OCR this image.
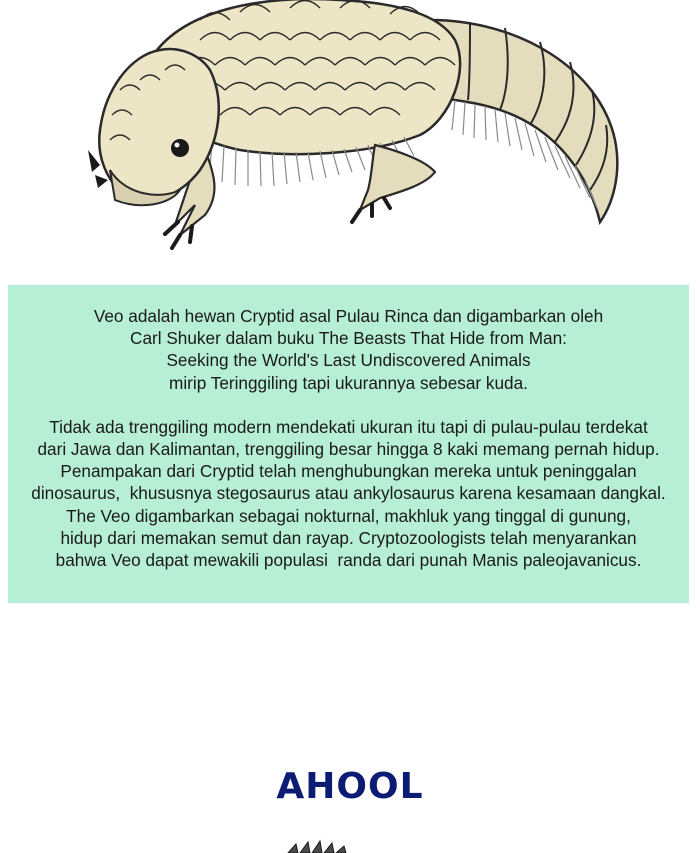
Veo adalah hewan Cryptid asal Pulau Rinca dan digambarkan oleh
Carl Shuker dalam buku The Beasts That Hide from Man:
Seeking the World's Last Undiscovered Animals
mirip Teringgiling tapi ukurannya sebesar kuda.

Tidak ada trenggiling modern mendekati ukuran itu tapi di pulau-pulau terdekat
dari Jawa dan Kalimantan, trenggiling besar hingga 8 kaki memang pernah hidup.
Penampakan dari Cryptid telah menghubungkan mereka untuk peninggalan
dinosaurus,  khususnya stegosaurus atau ankylosaurus karena kesamaan dangkal.
The Veo digambarkan sebagai nokturnal, makhluk yang tinggal di gunung,
hidup dari memakan semut dan rayap. Cryptozoologists telah menyarankan
bahwa Veo dapat mewakili populasi  randa dari punah Manis paleojavanicus.

AHOOL
